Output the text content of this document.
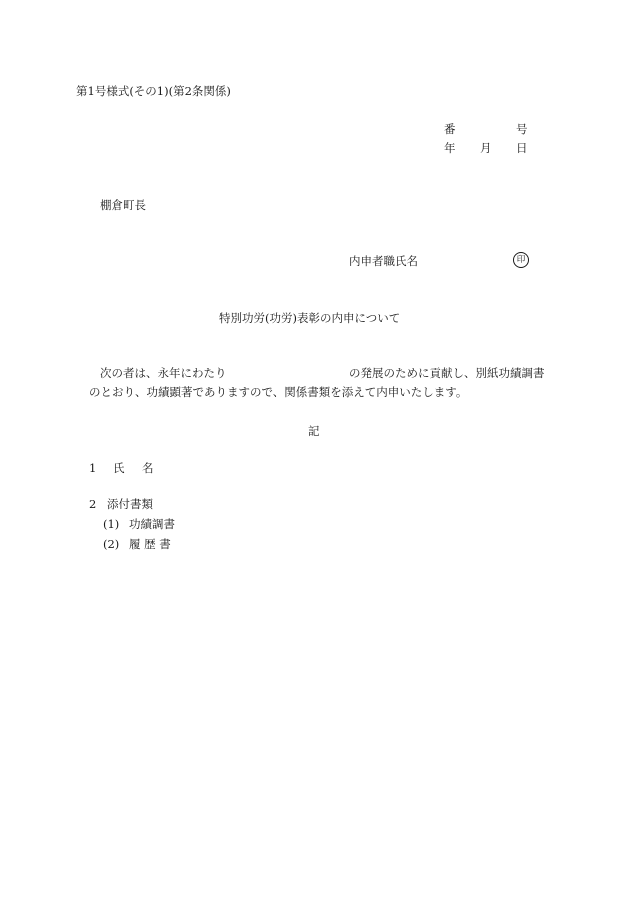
第1号様式(その1)(第2条関係)
番	号
年 月 日
棚倉町長
内申者職氏名	印
特別功労(功労)表彰の内申について
次の者は、永年にわたり	の発展のために貢献し、別紙功績調書
のとおり、功績顕著でありますので、関係書類を添えて内申いたします。
記
1 氏 名
2 添付書類
(1) 功績調書
(2) 履 歴 書
